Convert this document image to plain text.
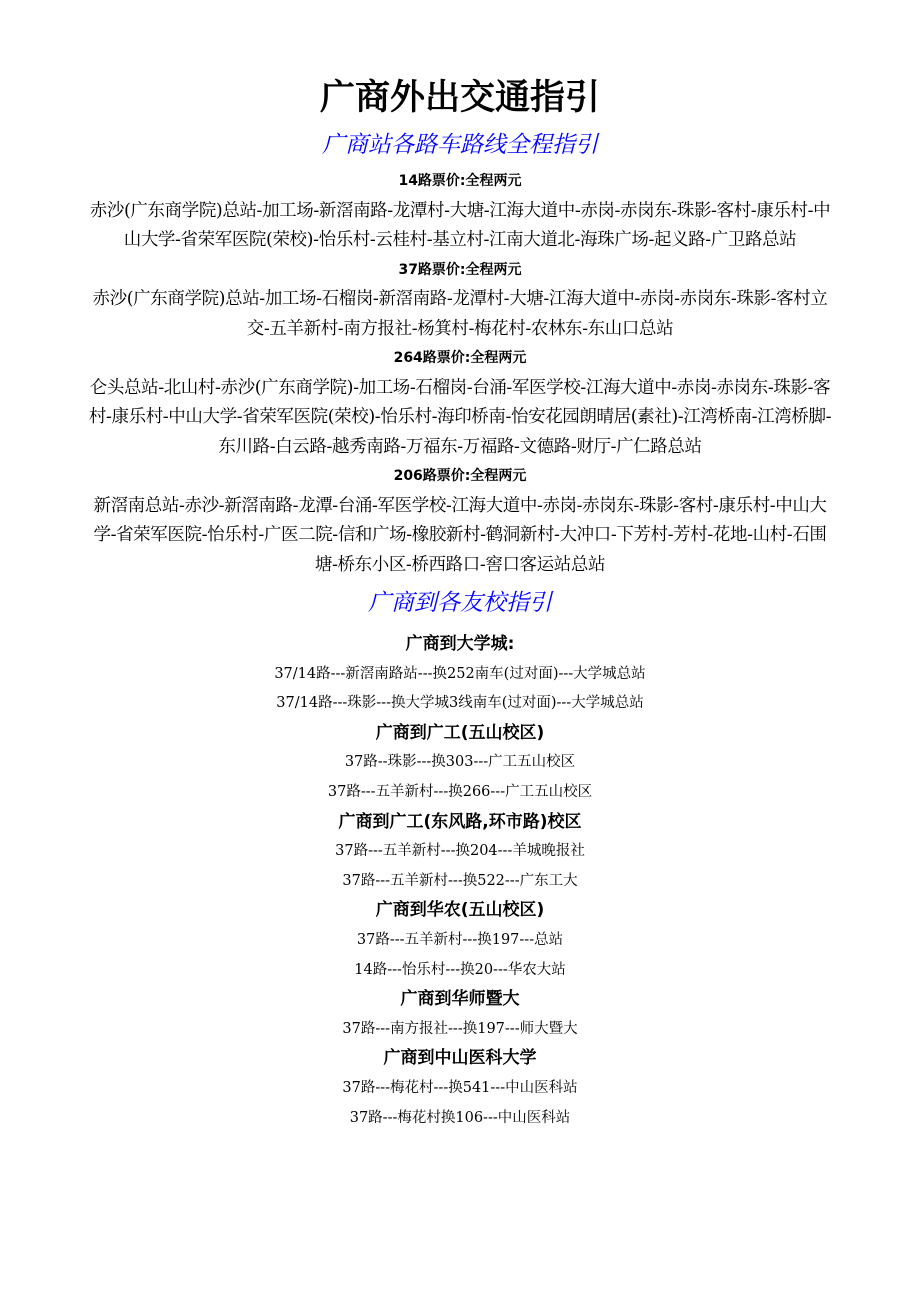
广商外出交通指引
广商站各路车路线全程指引
14路票价:全程两元
赤沙(广东商学院)总站-加工场-新滘南路-龙潭村-大塘-江海大道中-赤岗-赤岗东-珠影-客村-康乐村-中山大学-省荣军医院(荣校)-怡乐村-云桂村-基立村-江南大道北-海珠广场-起义路-广卫路总站
37路票价:全程两元
赤沙(广东商学院)总站-加工场-石榴岗-新滘南路-龙潭村-大塘-江海大道中-赤岗-赤岗东-珠影-客村立交-五羊新村-南方报社-杨箕村-梅花村-农林东-东山口总站
264路票价:全程两元
仑头总站-北山村-赤沙(广东商学院)-加工场-石榴岗-台涌-军医学校-江海大道中-赤岗-赤岗东-珠影-客村-康乐村-中山大学-省荣军医院(荣校)-怡乐村-海印桥南-怡安花园朗晴居(素社)-江湾桥南-江湾桥脚-东川路-白云路-越秀南路-万福东-万福路-文德路-财厅-广仁路总站
206路票价:全程两元
新滘南总站-赤沙-新滘南路-龙潭-台涌-军医学校-江海大道中-赤岗-赤岗东-珠影-客村-康乐村-中山大学-省荣军医院-怡乐村-广医二院-信和广场-橡胶新村-鹤洞新村-大冲口-下芳村-芳村-花地-山村-石围塘-桥东小区-桥西路口-窖口客运站总站
广商到各友校指引
广商到大学城:
37/14路---新滘南路站---换252南车(过对面)---大学城总站
37/14路---珠影---换大学城3线南车(过对面)---大学城总站
广商到广工(五山校区)
37路--珠影---换303---广工五山校区
37路---五羊新村---换266---广工五山校区
广商到广工(东风路,环市路)校区
37路---五羊新村---换204---羊城晚报社
37路---五羊新村---换522---广东工大
广商到华农(五山校区)
37路---五羊新村---换197---总站
14路---怡乐村---换20---华农大站
广商到华师暨大
37路---南方报社---换197---师大暨大
广商到中山医科大学
37路---梅花村---换541---中山医科站
37路---梅花村换106---中山医科站
